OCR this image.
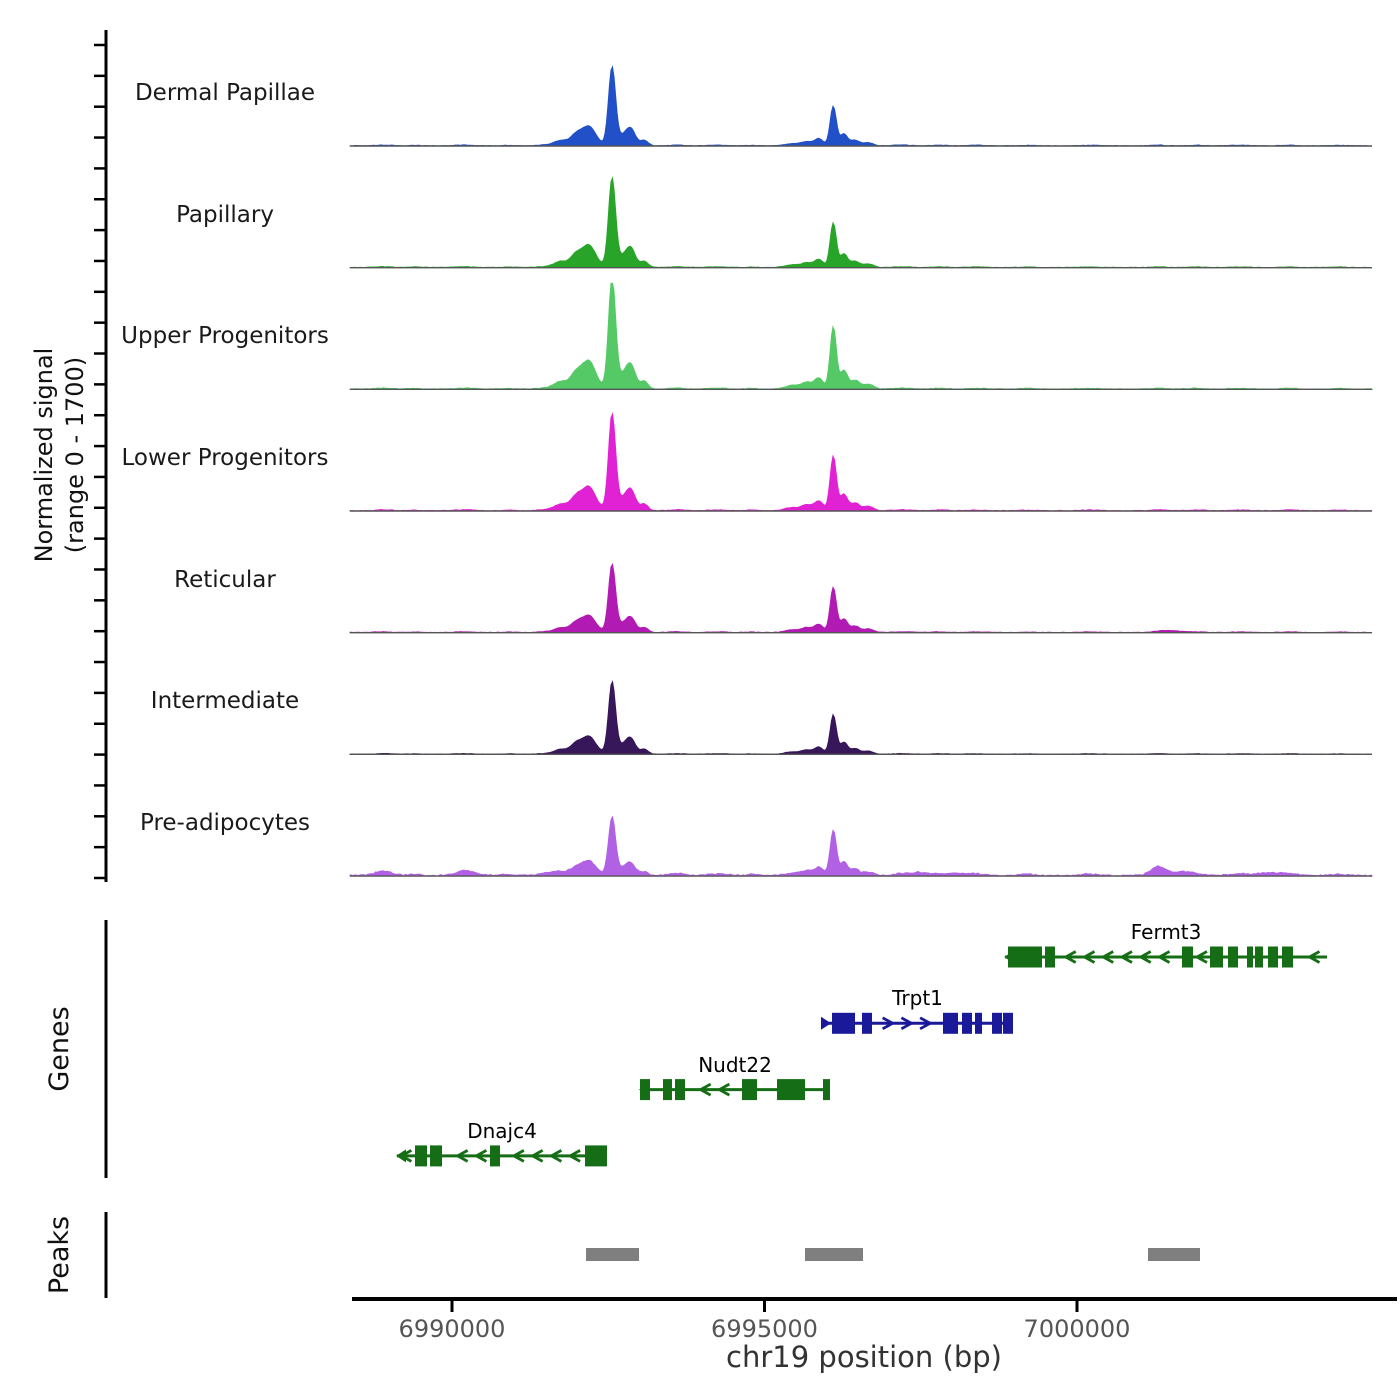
Normalized signal (range 0 - 1700)
Dermal Papillae
Papillary
Upper Progenitors
Lower Progenitors
Reticular
Intermediate
Pre-adipocytes
Genes
Peaks
Fermt3
Trpt1
Nudt22
Dnajc4
6990000	6995000	7000000
chr19 position (bp)
